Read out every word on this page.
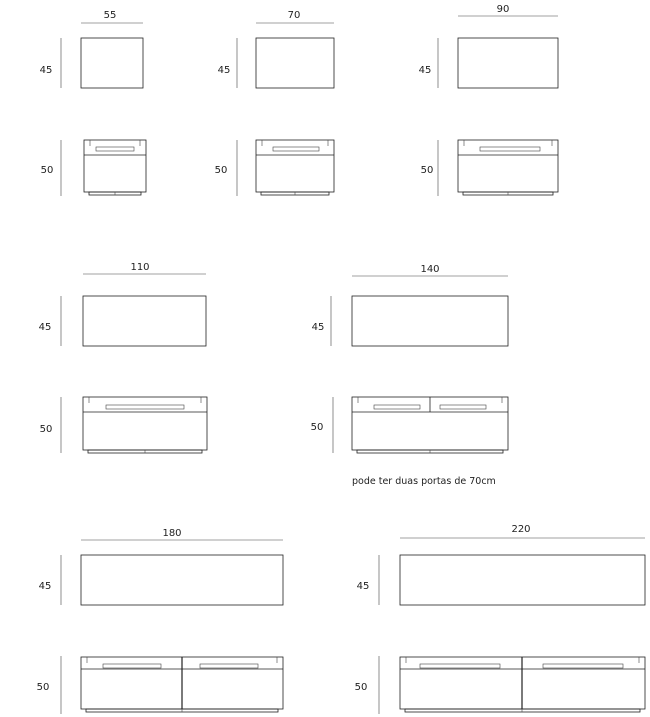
55
45
50
70
45
50
90
45
50
110
45
50
140
45
50
pode ter duas portas de 70cm
180
45
50
220
45
50
